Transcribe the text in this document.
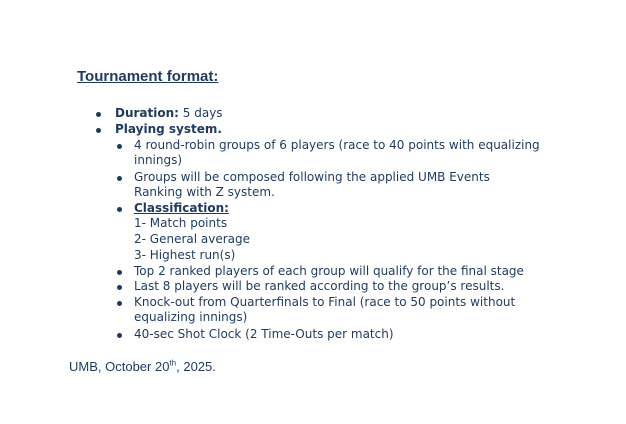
Tournament format:
Duration: 5 days
Playing system.
4 round-robin groups of 6 players (race to 40 points with equalizing
innings)
Groups will be composed following the applied UMB Events
Ranking with Z system.
Classification:
1- Match points
2- General average
3- Highest run(s)
Top 2 ranked players of each group will qualify for the final stage
Last 8 players will be ranked according to the group’s results.
Knock-out from Quarterfinals to Final (race to 50 points without
equalizing innings)
40-sec Shot Clock (2 Time-Outs per match)
UMB, October 20th, 2025.
